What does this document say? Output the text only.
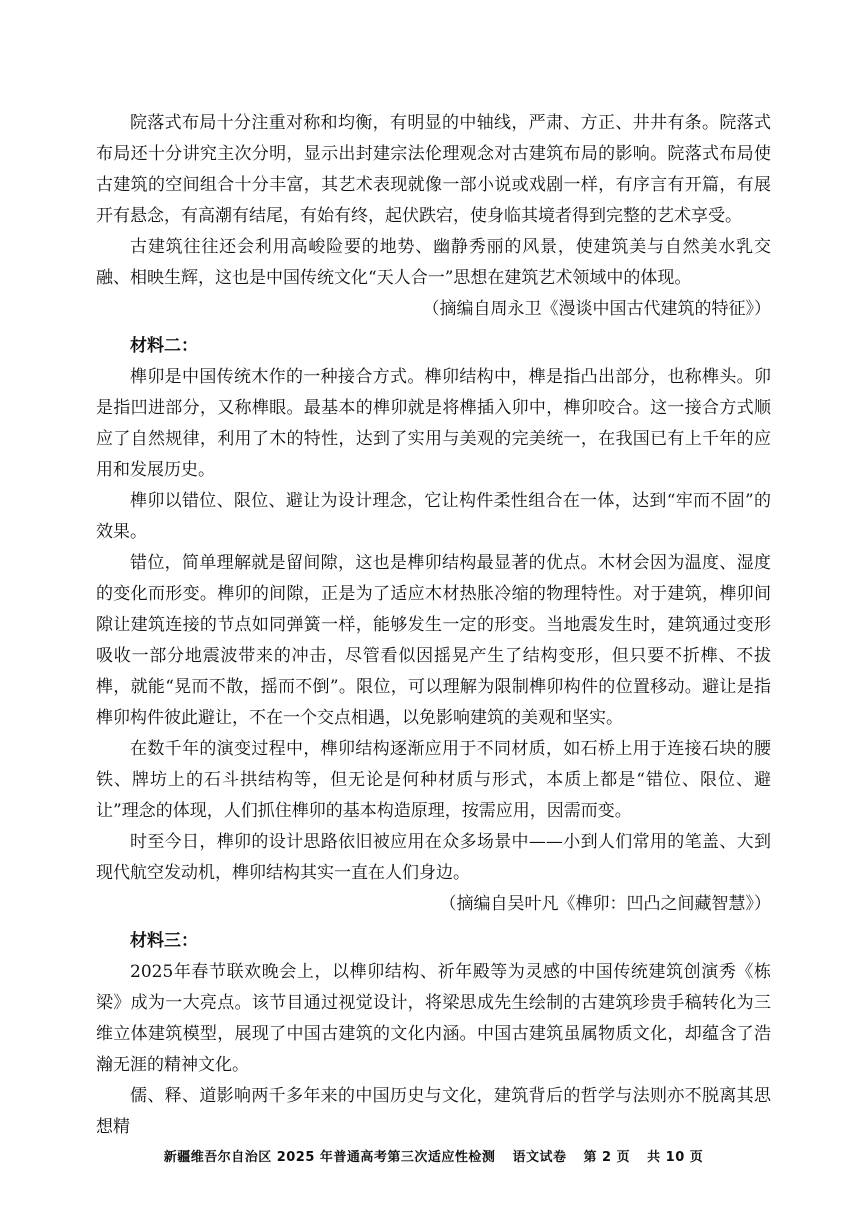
院落式布局十分注重对称和均衡，有明显的中轴线，严肃、方正、井井有条。院落式布局还十分讲究主次分明，显示出封建宗法伦理观念对古建筑布局的影响。院落式布局使古建筑的空间组合十分丰富，其艺术表现就像一部小说或戏剧一样，有序言有开篇，有展开有悬念，有高潮有结尾，有始有终，起伏跌宕，使身临其境者得到完整的艺术享受。

古建筑往往还会利用高峻险要的地势、幽静秀丽的风景，使建筑美与自然美水乳交融、相映生辉，这也是中国传统文化“天人合一”思想在建筑艺术领域中的体现。

（摘编自周永卫《漫谈中国古代建筑的特征》）

材料二：

榫卯是中国传统木作的一种接合方式。榫卯结构中，榫是指凸出部分，也称榫头。卯是指凹进部分，又称榫眼。最基本的榫卯就是将榫插入卯中，榫卯咬合。这一接合方式顺应了自然规律，利用了木的特性，达到了实用与美观的完美统一，在我国已有上千年的应用和发展历史。

榫卯以错位、限位、避让为设计理念，它让构件柔性组合在一体，达到“牢而不固”的效果。

错位，简单理解就是留间隙，这也是榫卯结构最显著的优点。木材会因为温度、湿度的变化而形变。榫卯的间隙，正是为了适应木材热胀冷缩的物理特性。对于建筑，榫卯间隙让建筑连接的节点如同弹簧一样，能够发生一定的形变。当地震发生时，建筑通过变形吸收一部分地震波带来的冲击，尽管看似因摇晃产生了结构变形，但只要不折榫、不拔榫，就能“晃而不散，摇而不倒”。限位，可以理解为限制榫卯构件的位置移动。避让是指榫卯构件彼此避让，不在一个交点相遇，以免影响建筑的美观和坚实。

在数千年的演变过程中，榫卯结构逐渐应用于不同材质，如石桥上用于连接石块的腰铁、牌坊上的石斗拱结构等，但无论是何种材质与形式，本质上都是“错位、限位、避让”理念的体现，人们抓住榫卯的基本构造原理，按需应用，因需而变。

时至今日，榫卯的设计思路依旧被应用在众多场景中——小到人们常用的笔盖、大到现代航空发动机，榫卯结构其实一直在人们身边。

（摘编自吴叶凡《榫卯：凹凸之间藏智慧》）

材料三：

2025年春节联欢晚会上，以榫卯结构、祈年殿等为灵感的中国传统建筑创演秀《栋梁》成为一大亮点。该节目通过视觉设计，将梁思成先生绘制的古建筑珍贵手稿转化为三维立体建筑模型，展现了中国古建筑的文化内涵。中国古建筑虽属物质文化，却蕴含了浩瀚无涯的精神文化。

儒、释、道影响两千多年来的中国历史与文化，建筑背后的哲学与法则亦不脱离其思想精

新疆维吾尔自治区 2025 年普通高考第三次适应性检测 语文试卷 第 2 页 共 10 页
